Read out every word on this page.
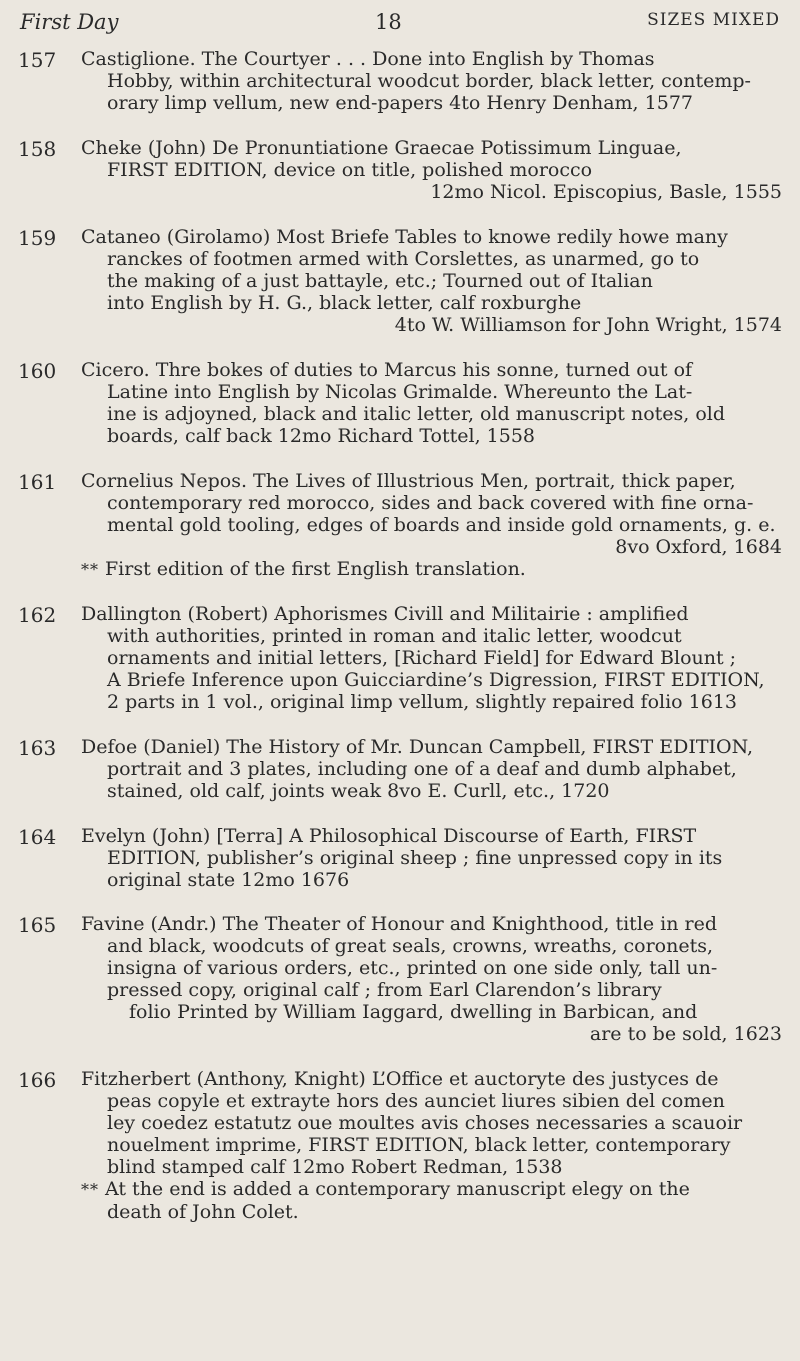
First Day	18	SIZES MIXED
157 Castiglione. The Courtyer . . . Done into English by Thomas
Hobby, within architectural woodcut border, black letter, contemp-
orary limp vellum, new end-papers 4to Henry Denham, 1577
158 Cheke (John) De Pronuntiatione Graecae Potissimum Linguae,
FIRST EDITION, device on title, polished morocco
12mo Nicol. Episcopius, Basle, 1555
159 Cataneo (Girolamo) Most Briefe Tables to knowe redily howe many
ranckes of footmen armed with Corslettes, as unarmed, go to
the making of a just battayle, etc.; Tourned out of Italian
into English by H. G., black letter, calf roxburghe
4to W. Williamson for John Wright, 1574
160 Cicero. Thre bokes of duties to Marcus his sonne, turned out of
Latine into English by Nicolas Grimalde. Whereunto the Lat-
ine is adjoyned, black and italic letter, old manuscript notes, old
boards, calf back 12mo Richard Tottel, 1558
161 Cornelius Nepos. The Lives of Illustrious Men, portrait, thick paper,
contemporary red morocco, sides and back covered with fine orna-
mental gold tooling, edges of boards and inside gold ornaments, g. e.
8vo Oxford, 1684
** First edition of the first English translation.
162 Dallington (Robert) Aphorismes Civill and Militairie : amplified
with authorities, printed in roman and italic letter, woodcut
ornaments and initial letters, [Richard Field] for Edward Blount ;
A Briefe Inference upon Guicciardine’s Digression, FIRST EDITION,
2 parts in 1 vol., original limp vellum, slightly repaired folio 1613
163 Defoe (Daniel) The History of Mr. Duncan Campbell, FIRST EDITION,
portrait and 3 plates, including one of a deaf and dumb alphabet,
stained, old calf, joints weak 8vo E. Curll, etc., 1720
164 Evelyn (John) [Terra] A Philosophical Discourse of Earth, FIRST
EDITION, publisher’s original sheep ; fine unpressed copy in its
original state 12mo 1676
165 Favine (Andr.) The Theater of Honour and Knighthood, title in red
and black, woodcuts of great seals, crowns, wreaths, coronets,
insigna of various orders, etc., printed on one side only, tall un-
pressed copy, original calf ; from Earl Clarendon’s library
folio Printed by William Iaggard, dwelling in Barbican, and
are to be sold, 1623
166 Fitzherbert (Anthony, Knight) L’Office et auctoryte des justyces de
peas copyle et extrayte hors des aunciet liures sibien del comen
ley coedez estatutz oue moultes avis choses necessaries a scauoir
nouelment imprime, FIRST EDITION, black letter, contemporary
blind stamped calf 12mo Robert Redman, 1538
** At the end is added a contemporary manuscript elegy on the
death of John Colet.
